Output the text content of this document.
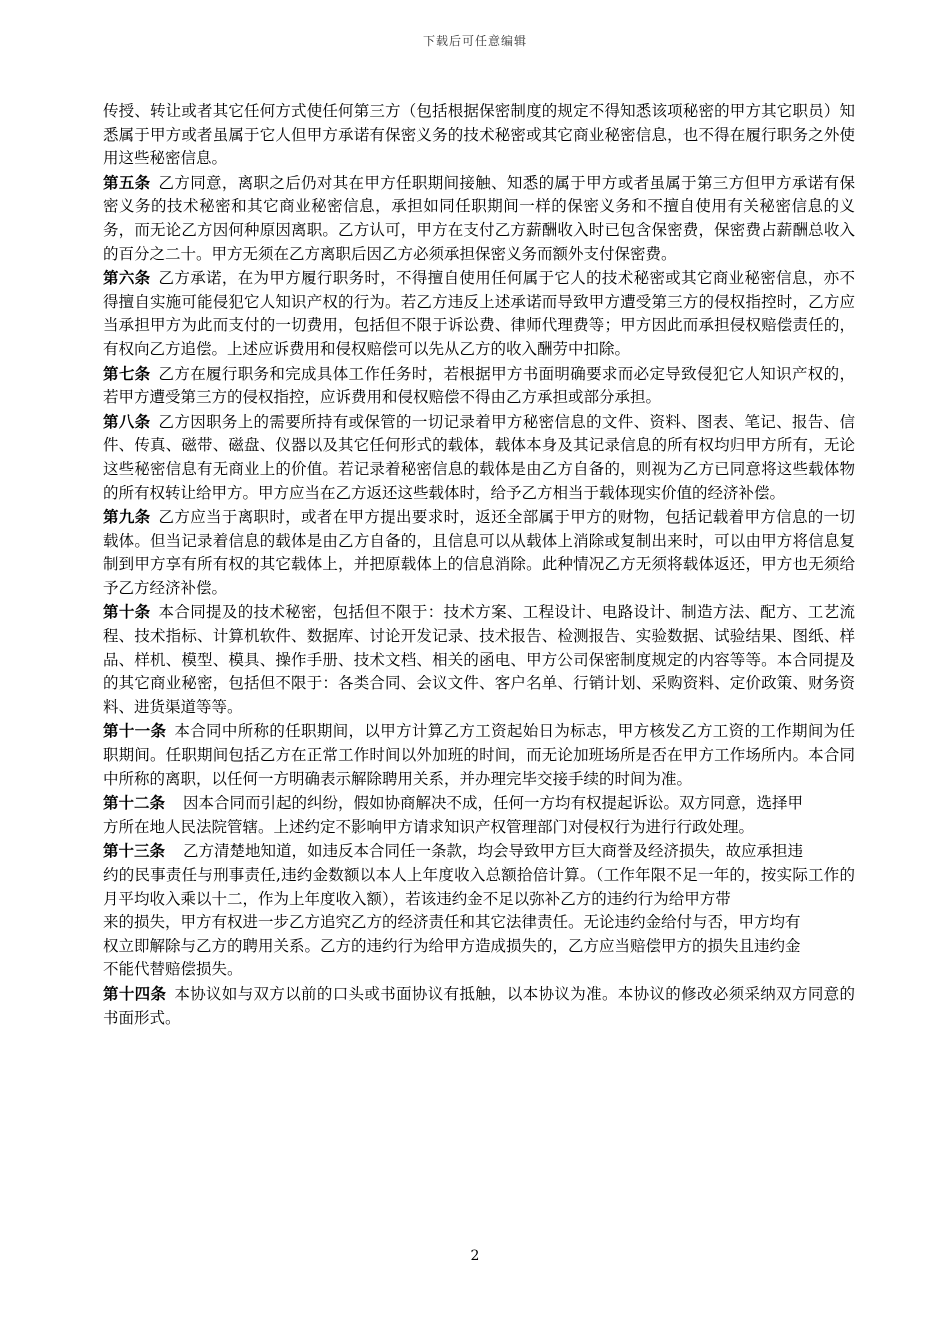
下载后可任意编辑

传授、转让或者其它任何方式使任何第三方（包括根据保密制度的规定不得知悉该项秘密的甲方其它职员）知悉属于甲方或者虽属于它人但甲方承诺有保密义务的技术秘密或其它商业秘密信息，也不得在履行职务之外使用这些秘密信息。

第五条 乙方同意，离职之后仍对其在甲方任职期间接触、知悉的属于甲方或者虽属于第三方但甲方承诺有保密义务的技术秘密和其它商业秘密信息，承担如同任职期间一样的保密义务和不擅自使用有关秘密信息的义务，而无论乙方因何种原因离职。乙方认可，甲方在支付乙方薪酬收入时已包含保密费，保密费占薪酬总收入的百分之二十。甲方无须在乙方离职后因乙方必须承担保密义务而额外支付保密费。

第六条 乙方承诺，在为甲方履行职务时，不得擅自使用任何属于它人的技术秘密或其它商业秘密信息，亦不得擅自实施可能侵犯它人知识产权的行为。若乙方违反上述承诺而导致甲方遭受第三方的侵权指控时，乙方应当承担甲方为此而支付的一切费用，包括但不限于诉讼费、律师代理费等；甲方因此而承担侵权赔偿责任的，有权向乙方追偿。上述应诉费用和侵权赔偿可以先从乙方的收入酬劳中扣除。

第七条 乙方在履行职务和完成具体工作任务时，若根据甲方书面明确要求而必定导致侵犯它人知识产权的，若甲方遭受第三方的侵权指控，应诉费用和侵权赔偿不得由乙方承担或部分承担。

第八条 乙方因职务上的需要所持有或保管的一切记录着甲方秘密信息的文件、资料、图表、笔记、报告、信件、传真、磁带、磁盘、仪器以及其它任何形式的载体，载体本身及其记录信息的所有权均归甲方所有，无论这些秘密信息有无商业上的价值。若记录着秘密信息的载体是由乙方自备的，则视为乙方已同意将这些载体物的所有权转让给甲方。甲方应当在乙方返还这些载体时，给予乙方相当于载体现实价值的经济补偿。

第九条 乙方应当于离职时，或者在甲方提出要求时，返还全部属于甲方的财物，包括记载着甲方信息的一切载体。但当记录着信息的载体是由乙方自备的，且信息可以从载体上消除或复制出来时，可以由甲方将信息复制到甲方享有所有权的其它载体上，并把原载体上的信息消除。此种情况乙方无须将载体返还，甲方也无须给予乙方经济补偿。

第十条 本合同提及的技术秘密，包括但不限于：技术方案、工程设计、电路设计、制造方法、配方、工艺流程、技术指标、计算机软件、数据库、讨论开发记录、技术报告、检测报告、实验数据、试验结果、图纸、样品、样机、模型、模具、操作手册、技术文档、相关的函电、甲方公司保密制度规定的内容等等。本合同提及的其它商业秘密，包括但不限于：各类合同、会议文件、客户名单、行销计划、采购资料、定价政策、财务资料、进货渠道等等。

第十一条 本合同中所称的任职期间，以甲方计算乙方工资起始日为标志，甲方核发乙方工资的工作期间为任职期间。任职期间包括乙方在正常工作时间以外加班的时间，而无论加班场所是否在甲方工作场所内。本合同中所称的离职，以任何一方明确表示解除聘用关系，并办理完毕交接手续的时间为准。

第十二条 因本合同而引起的纠纷，假如协商解决不成，任何一方均有权提起诉讼。双方同意，选择甲

方所在地人民法院管辖。上述约定不影响甲方请求知识产权管理部门对侵权行为进行行政处理。

第十三条 乙方清楚地知道，如违反本合同任一条款，均会导致甲方巨大商誉及经济损失，故应承担违

约的民事责任与刑事责任,违约金数额以本人上年度收入总额拾倍计算。（工作年限不足一年的，按实际工作的月平均收入乘以十二，作为上年度收入额），若该违约金不足以弥补乙方的违约行为给甲方带

来的损失，甲方有权进一步乙方追究乙方的经济责任和其它法律责任。无论违约金给付与否，甲方均有

权立即解除与乙方的聘用关系。乙方的违约行为给甲方造成损失的，乙方应当赔偿甲方的损失且违约金

不能代替赔偿损失。

第十四条 本协议如与双方以前的口头或书面协议有抵触，以本协议为准。本协议的修改必须采纳双方同意的书面形式。

2
